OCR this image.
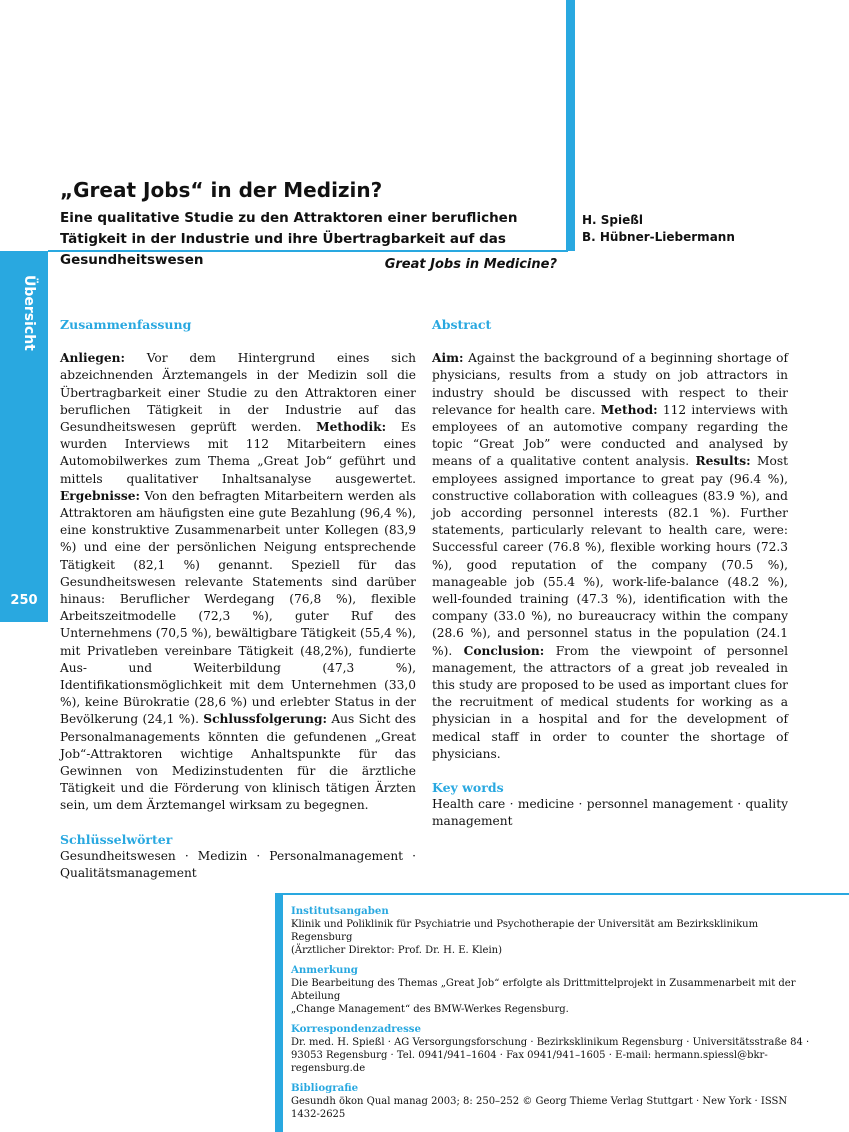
„Great Jobs“ in der Medizin?
Eine qualitative Studie zu den Attraktoren einer beruflichen Tätigkeit in der Industrie und ihre Übertragbarkeit auf das Gesundheitswesen
H. Spießl
B. Hübner-Liebermann
Great Jobs in Medicine?
Übersicht
250
Zusammenfassung

Anliegen: Vor dem Hintergrund eines sich abzeichnenden Ärztemangels in der Medizin soll die Übertragbarkeit einer Studie zu den Attraktoren einer beruflichen Tätigkeit in der Industrie auf das Gesundheitswesen geprüft werden. Methodik: Es wurden Interviews mit 112 Mitarbeitern eines Automobilwerkes zum Thema „Great Job“ geführt und mittels qualitativer Inhaltsanalyse ausgewertet. Ergebnisse: Von den befragten Mitarbeitern werden als Attraktoren am häufigsten eine gute Bezahlung (96,4 %), eine konstruktive Zusammenarbeit unter Kollegen (83,9 %) und eine der persönlichen Neigung entsprechende Tätigkeit (82,1 %) genannt. Speziell für das Gesundheitswesen relevante Statements sind darüber hinaus: Beruflicher Werdegang (76,8 %), flexible Arbeitszeitmodelle (72,3 %), guter Ruf des Unternehmens (70,5 %), bewältigbare Tätigkeit (55,4 %), mit Privatleben vereinbare Tätigkeit (48,2%), fundierte Aus- und Weiterbildung (47,3 %), Identifikationsmöglichkeit mit dem Unternehmen (33,0 %), keine Bürokratie (28,6 %) und erlebter Status in der Bevölkerung (24,1 %). Schlussfolgerung: Aus Sicht des Personalmanagements könnten die gefundenen „Great Job“-Attraktoren wichtige Anhaltspunkte für das Gewinnen von Medizinstudenten für die ärztliche Tätigkeit und die Förderung von klinisch tätigen Ärzten sein, um dem Ärztemangel wirksam zu begegnen.

Schlüsselwörter

Gesundheitswesen · Medizin · Personalmanagement · Qualitätsmanagement

Abstract

Aim: Against the background of a beginning shortage of physicians, results from a study on job attractors in industry should be discussed with respect to their relevance for health care. Method: 112 interviews with employees of an automotive company regarding the topic “Great Job” were conducted and analysed by means of a qualitative content analysis. Results: Most employees assigned importance to great pay (96.4 %), constructive collaboration with colleagues (83.9 %), and job according personnel interests (82.1 %). Further statements, particularly relevant to health care, were: Successful career (76.8 %), flexible working hours (72.3 %), good reputation of the company (70.5 %), manageable job (55.4 %), work-life-balance (48.2 %), well-founded training (47.3 %), identification with the company (33.0 %), no bureaucracy within the company (28.6 %), and personnel status in the population (24.1 %). Conclusion: From the viewpoint of personnel management, the attractors of a great job revealed in this study are proposed to be used as important clues for the recruitment of medical students for working as a physician in a hospital and for the development of medical staff in order to counter the shortage of physicians.

Key words

Health care · medicine · personnel management · quality management

Institutsangaben
Klinik und Poliklinik für Psychiatrie und Psychotherapie der Universität am Bezirksklinikum Regensburg
(Ärztlicher Direktor: Prof. Dr. H. E. Klein)
Anmerkung
Die Bearbeitung des Themas „Great Job“ erfolgte als Drittmittelprojekt in Zusammenarbeit mit der Abteilung
„Change Management“ des BMW-Werkes Regensburg.
Korrespondenzadresse
Dr. med. H. Spießl · AG Versorgungsforschung · Bezirksklinikum Regensburg · Universitätsstraße 84 ·
93053 Regensburg · Tel. 0941/941–1604 · Fax 0941/941–1605 · E-mail: hermann.spiessl@bkr-regensburg.de
Bibliografie
Gesundh ökon Qual manag 2003; 8: 250–252 © Georg Thieme Verlag Stuttgart · New York · ISSN 1432-2625
